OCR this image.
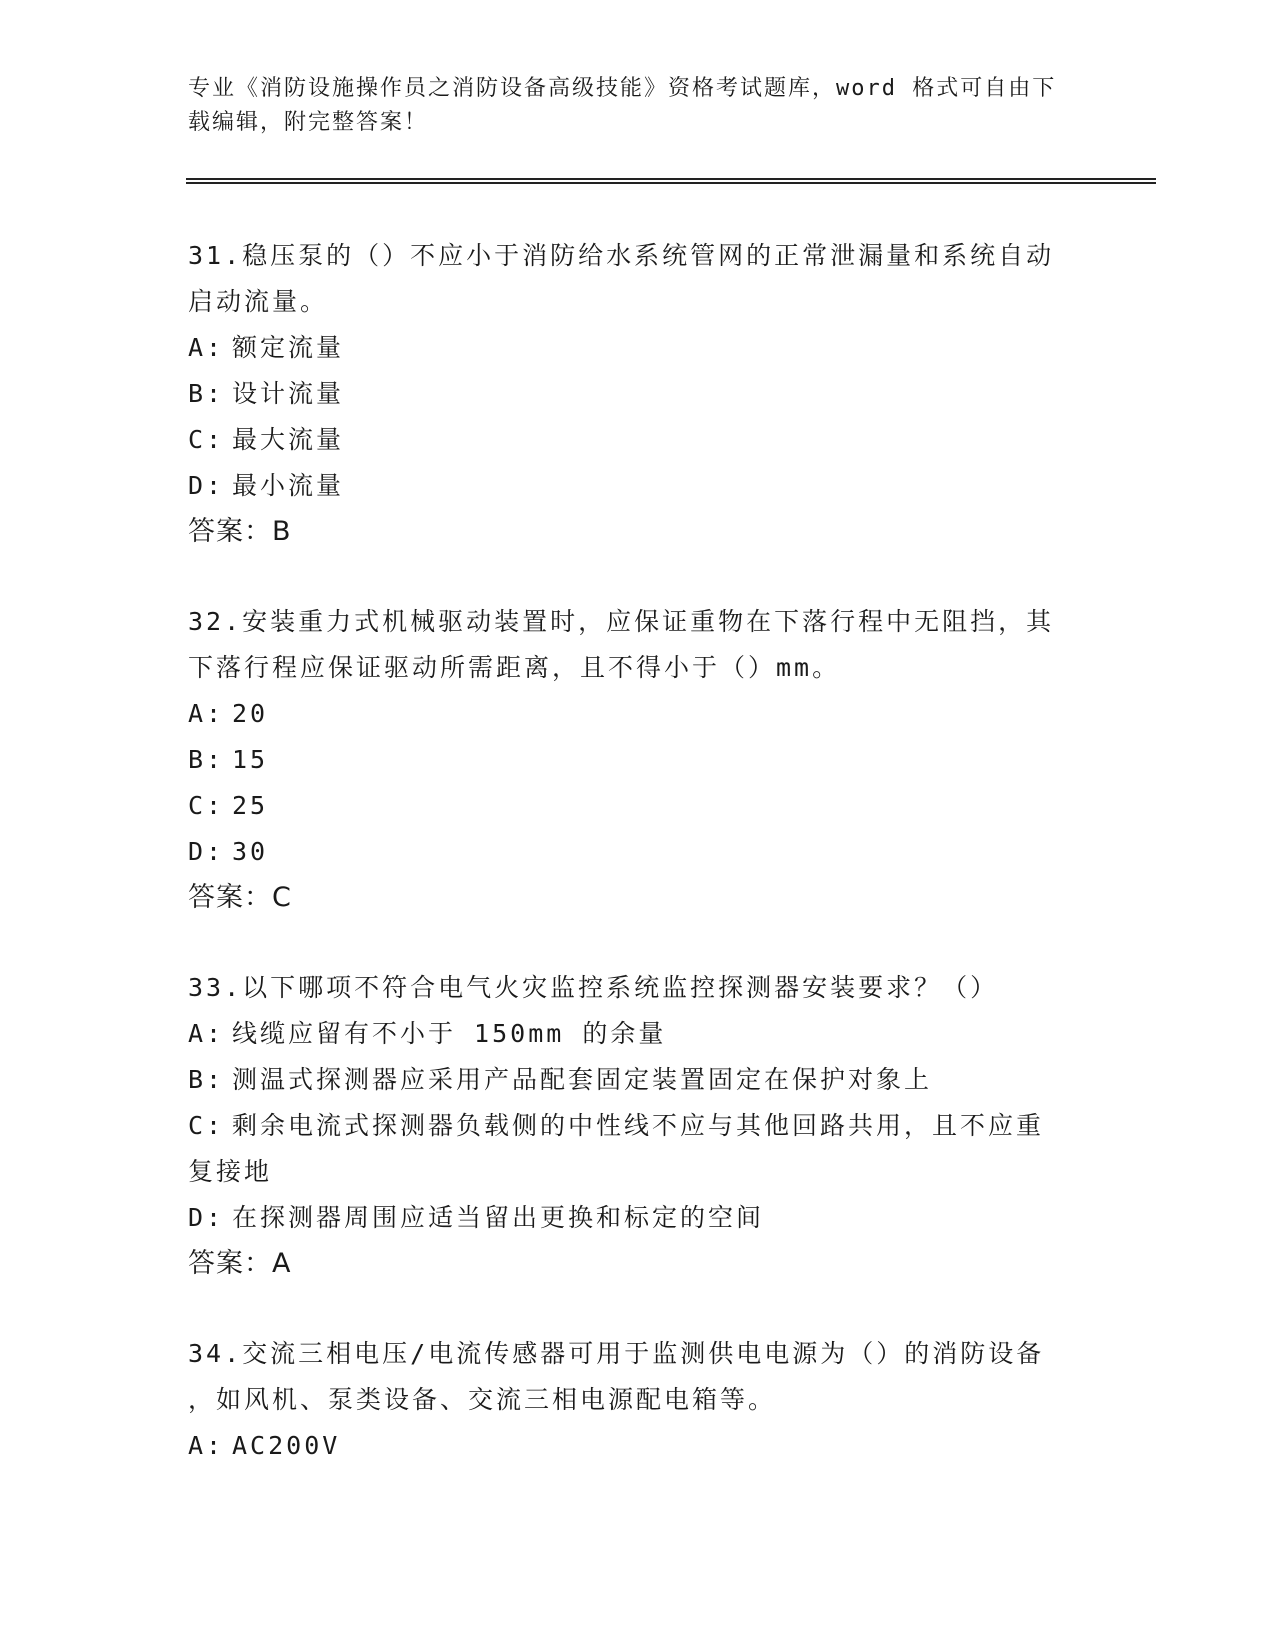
专业《消防设施操作员之消防设备高级技能》资格考试题库，word 格式可自由下
载编辑，附完整答案！

31.稳压泵的（）不应小于消防给水系统管网的正常泄漏量和系统自动

启动流量。

A: 额定流量

B: 设计流量

C: 最大流量

D: 最小流量

答案：B

32.安装重力式机械驱动装置时，应保证重物在下落行程中无阻挡，其

下落行程应保证驱动所需距离，且不得小于（）mm。

A: 20

B: 15

C: 25

D: 30

答案：C

33.以下哪项不符合电气火灾监控系统监控探测器安装要求？（）

A: 线缆应留有不小于 150mm 的余量

B: 测温式探测器应采用产品配套固定装置固定在保护对象上

C: 剩余电流式探测器负载侧的中性线不应与其他回路共用，且不应重

复接地

D: 在探测器周围应适当留出更换和标定的空间

答案：A

34.交流三相电压/电流传感器可用于监测供电电源为（）的消防设备

，如风机、泵类设备、交流三相电源配电箱等。

A: AC200V
